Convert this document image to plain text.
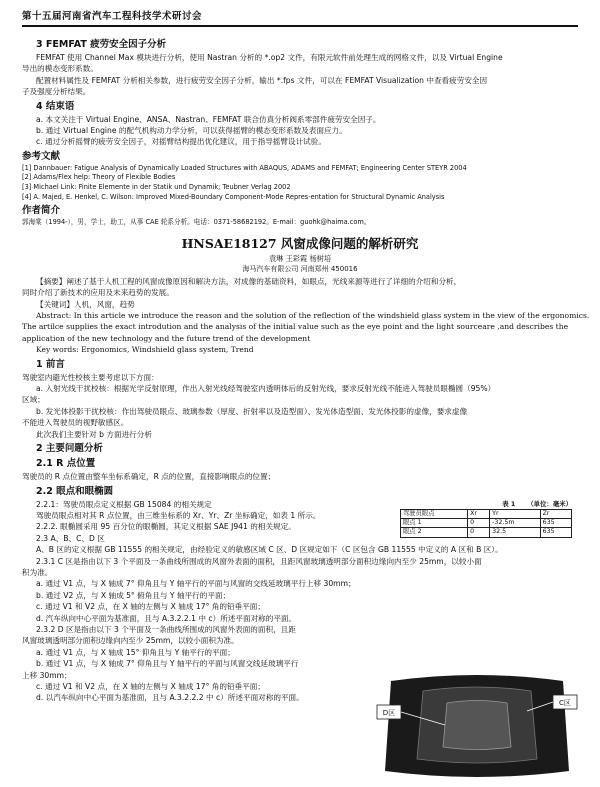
第十五届河南省汽车工程科技学术研讨会
3 FEMFAT 疲劳安全因子分析

FEMFAT 使用 Channel Max 模块进行分析，使用 Nastran 分析的 *.op2 文件，有限元软件前处理生成的网格文件，以及 Virtual Engine

导出的模态变形系数。

配置材料属性及 FEMFAT 分析相关参数，进行疲劳安全因子分析，输出 *.fps 文件，可以在 FEMFAT Visualization 中查看疲劳安全因

子及强度分析结果。

4 结束语

a. 本文关注于 Virtual Engine、ANSA、Nastran、FEMFAT 联合仿真分析阀系零部件疲劳安全因子。

b. 通过 Virtual Engine 的配气机构动力学分析，可以获得摇臂的模态变形系数及表面应力。

c. 通过分析摇臂的疲劳安全因子，对摇臂结构提出优化建议，用于指导摇臂设计试验。

参考文献
[1] Dannbauer: Fatigue Analysis of Dynamically Loaded Structures with ABAQUS, ADAMS and FEMFAT; Engineering Center STEYR 2004
[2] Adams/Flex help: Theory of Flexible Bodies
[3] Michael Link: Finite Elemente in der Statik und Dynamik; Teubner Verlag 2002
[4] A. Majed, E. Henkel, C. Wilson: Improved Mixed-Boundary Component-Mode Repres-entation for Structural Dynamic Analysis
作者简介
郭海棠（1994-），男，学士，助工，从事 CAE 轮系分析。电话：0371-58682192。E-mail：guohk@haima.com。
HNSAE18127 风窗成像问题的解析研究
袁琳 王彩霞 杨树培
海马汽车有限公司 河南郑州 450016

【摘要】阐述了基于人机工程的风窗成像原因和解决方法，对成像的基础资料，如眼点，光线来源等进行了详细的介绍和分析，

同时介绍了新技术的应用及未来趋势的发展。

【关键词】人机，风窗，趋势

Abstract: In this article we introduce the reason and the solution of the reflection of the windshield glass system in the view of the ergonomics.

The artilce supplies the exact introdution and the analysis of the initial value such as the eye point and the light sourceare ,and describes the

application of the new technology and the future trend of the development

Key words: Ergonomics, Windshield glass system, Trend

1 前言

驾驶室内避光性校核主要考虑以下方面：

a. 入射光线干扰校核：根据光学反射原理，作出入射光线经驾驶室内透明体后的反射光线，要求反射光线不能进入驾驶员眼椭圆（95%）

区域；

b. 发光体投影干扰校核：作出驾驶员眼点、玻璃参数（厚度、折射率以及造型面）、发光体造型面、发光体投影的虚像，要求虚像

不能进入驾驶员的视野敏感区。

此次我们主要针对 b 方面进行分析

2 主要问题分析
2.1 R 点位置

驾驶员的 R 点位置由整车坐标系确定，R 点的位置，直接影响眼点的位置；

2.2 眼点和眼椭圆
表 1 （单位：毫米）
驾驶员眼点	Xr	Yr	Zr
眼点 1	0	-32.5m	635
眼点 2	0	32.5	635

2.2.1：驾驶员眼点定义根据 GB 15084 的相关规定

驾驶员眼点相对其 R 点位置，由三维坐标系的 Xr、Yr、Zr 坐标确定，如表 1 所示。

2.2.2. 眼椭圆采用 95 百分位的眼椭圆，其定义根据 SAE J941 的相关规定。

2.3 A、B、C、D 区

A、B 区的定义根据 GB 11555 的相关规定，由经验定义的敏感区域 C 区、D 区规定如下（C 区包含 GB 11555 中定义的 A 区和 B 区）。

2.3.1 C 区是指由以下 3 个平面及一条曲线所围成的风窗外表面的面积，且距风窗玻璃透明部分面积边缘向内至少 25mm，以较小面

积为准。

a. 通过 V1 点，与 X 轴成 7° 仰角且与 Y 轴平行的平面与风窗的交线延玻璃平行上移 30mm；

b. 通过 V2 点，与 X 轴成 5° 俯角且与 Y 轴平行的平面；

c. 通过 V1 和 V2 点，在 X 轴的左侧与 X 轴成 17° 角的铅垂平面；

d. 汽车纵向中心平面为基准面，且与 A.3.2.2.1 中 c）所述平面对称的平面。

2.3.2 D 区是指由以下 3 个平面及一条曲线所围成的风窗外表面的面积，且距

风窗玻璃透明部分面积边缘向内至少 25mm，以较小面积为准。

a. 通过 V1 点，与 X 轴成 15° 仰角且与 Y 轴平行的平面；

b. 通过 V1 点，与 X 轴成 7° 仰角且与 Y 轴平行的平面与风窗交线延玻璃平行

上移 30mm；

c. 通过 V1 和 V2 点，在 X 轴的左侧与 X 轴成 17° 角的铅垂平面；

d. 以汽车纵向中心平面为基准面，且与 A.3.2.2.2 中 c）所述平面对称的平面。

D区
C区
